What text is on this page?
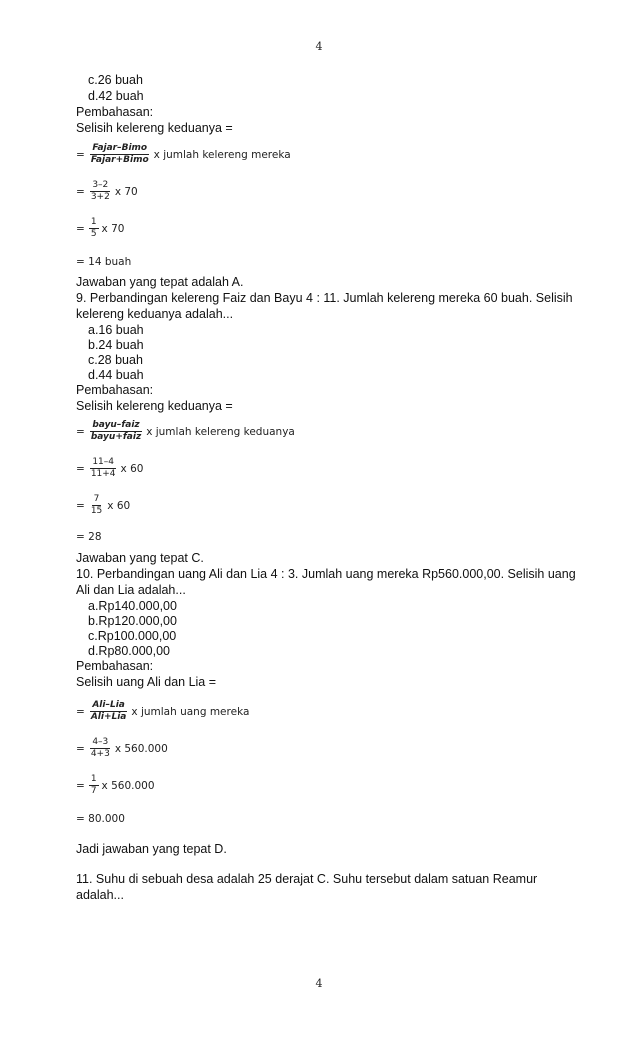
4
c.26 buah
d.42 buah
Pembahasan:
Selisih kelereng keduanya =
= $\frac{\text{Fajar–Bimo}}{\text{Fajar+Bimo}}$ x jumlah kelereng mereka
= $\frac{3-2}{3+2}$ x 70
= $\frac{1}{5}$ x 70
= 14 buah
Jawaban yang tepat adalah A.
9. Perbandingan kelereng Faiz dan Bayu 4 : 11. Jumlah kelereng mereka 60 buah. Selisih
kelereng keduanya adalah...
a.16 buah
b.24 buah
c.28 buah
d.44 buah
Pembahasan:
Selisih kelereng keduanya =
= $\frac{\text{bayu–faiz}}{\text{bayu+faiz}}$ x jumlah kelereng keduanya
= $\frac{11-4}{11+4}$ x 60
= $\frac{7}{15}$ x 60
= 28
Jawaban yang tepat C.
10. Perbandingan uang Ali dan Lia 4 : 3. Jumlah uang mereka Rp560.000,00. Selisih uang
Ali dan Lia adalah...
a.Rp140.000,00
b.Rp120.000,00
c.Rp100.000,00
d.Rp80.000,00
Pembahasan:
Selisih uang Ali dan Lia =
= $\frac{\text{Ali–Lia}}{\text{Ali+Lia}}$ x jumlah uang mereka
= $\frac{4-3}{4+3}$ x 560.000
= $\frac{1}{7}$ x 560.000
= 80.000
Jadi jawaban yang tepat D.
11. Suhu di sebuah desa adalah 25 derajat C. Suhu tersebut dalam satuan Reamur
adalah...
4
